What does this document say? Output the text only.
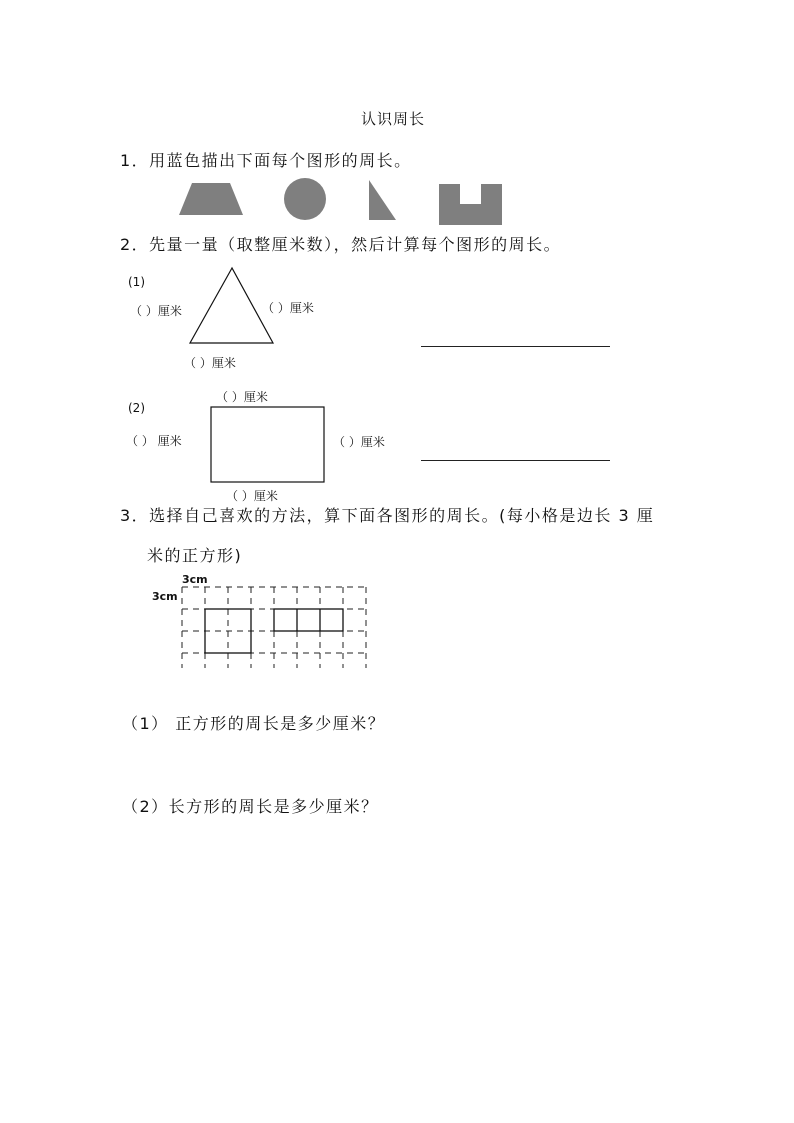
认识周长
1．用蓝色描出下面每个图形的周长。
2．先量一量（取整厘米数），然后计算每个图形的周长。
(1)
（ ）厘米	（ ）厘米
（ ）厘米
（ ）厘米
(2)
（ ） 厘米	（ ）厘米
（ ）厘米
3．选择自己喜欢的方法，算下面各图形的周长。(每小格是边长 3 厘
米的正方形)
3cm
3cm
（1） 正方形的周长是多少厘米？
（2）长方形的周长是多少厘米？
